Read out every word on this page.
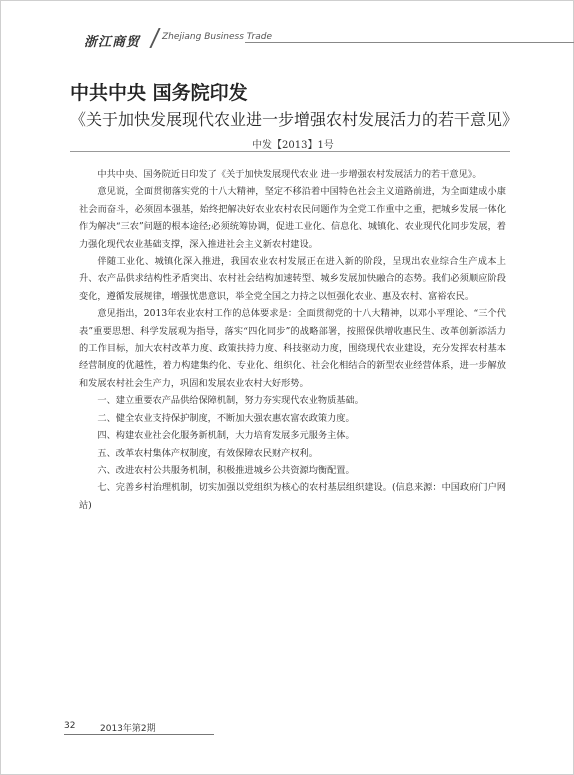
浙江商贸 Zhejiang Business Trade
中共中央 国务院印发
《关于加快发展现代农业进一步增强农村发展活力的若干意见》
中发【2013】1号

中共中央、国务院近日印发了《关于加快发展现代农业 进一步增强农村发展活力的若干意见》。

意见说，全面贯彻落实党的十八大精神，坚定不移沿着中国特色社会主义道路前进，为全面建成小康社会而奋斗，必须固本强基，始终把解决好农业农村农民问题作为全党工作重中之重，把城乡发展一体化作为解决“三农”问题的根本途径;必须统筹协调，促进工业化、信息化、城镇化、农业现代化同步发展，着力强化现代农业基础支撑，深入推进社会主义新农村建设。

伴随工业化、城镇化深入推进，我国农业农村发展正在进入新的阶段，呈现出农业综合生产成本上升、农产品供求结构性矛盾突出、农村社会结构加速转型、城乡发展加快融合的态势。我们必须顺应阶段变化，遵循发展规律，增强忧患意识，举全党全国之力持之以恒强化农业、惠及农村、富裕农民。

意见指出，2013年农业农村工作的总体要求是：全面贯彻党的十八大精神，以邓小平理论、“三个代表”重要思想、科学发展观为指导，落实“四化同步”的战略部署，按照保供增收惠民生、改革创新添活力的工作目标，加大农村改革力度、政策扶持力度、科技驱动力度，围绕现代农业建设，充分发挥农村基本经营制度的优越性，着力构建集约化、专业化、组织化、社会化相结合的新型农业经营体系，进一步解放和发展农村社会生产力，巩固和发展农业农村大好形势。

一、建立重要农产品供给保障机制，努力夯实现代农业物质基础。

二、健全农业支持保护制度，不断加大强农惠农富农政策力度。

四、构建农业社会化服务新机制，大力培育发展多元服务主体。

五、改革农村集体产权制度，有效保障农民财产权利。

六、改进农村公共服务机制，积极推进城乡公共资源均衡配置。

七、完善乡村治理机制，切实加强以党组织为核心的农村基层组织建设。(信息来源：中国政府门户网站)

32	2013年第2期
